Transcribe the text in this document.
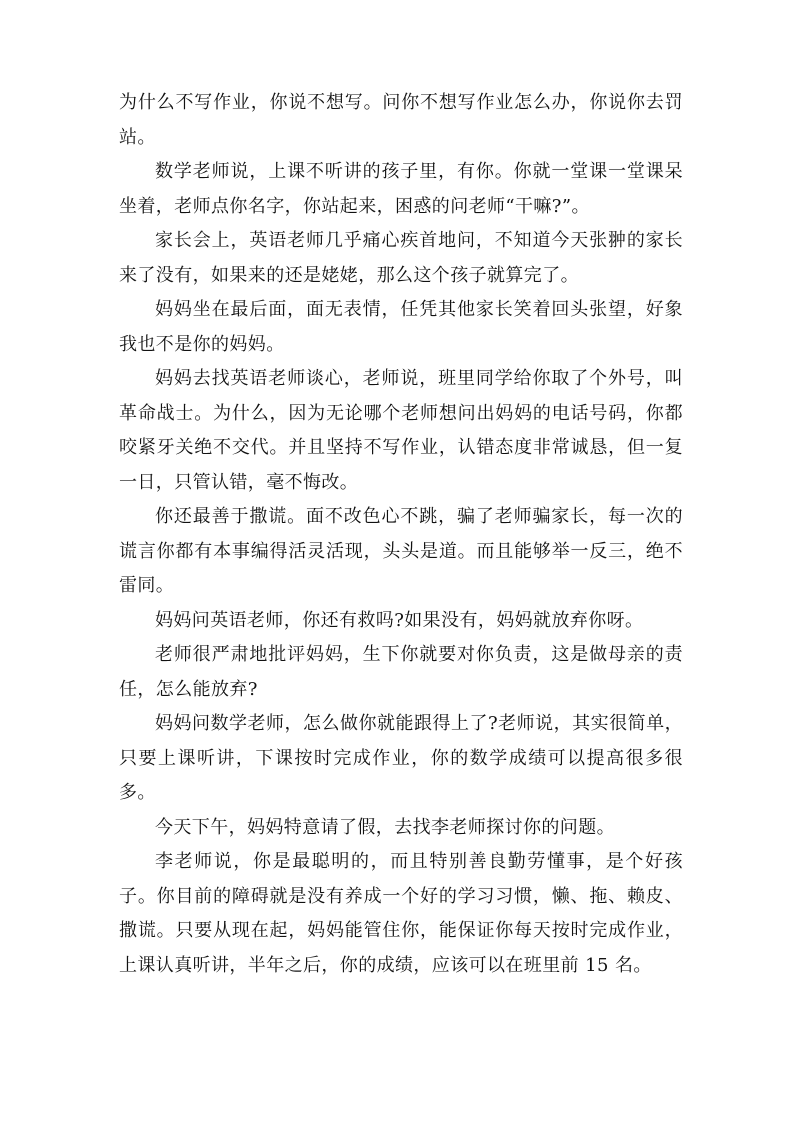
为什么不写作业，你说不想写。问你不想写作业怎么办，你说你去罚站。

数学老师说，上课不听讲的孩子里，有你。你就一堂课一堂课呆坐着，老师点你名字，你站起来，困惑的问老师“干嘛?”。

家长会上，英语老师几乎痛心疾首地问，不知道今天张翀的家长来了没有，如果来的还是姥姥，那么这个孩子就算完了。

妈妈坐在最后面，面无表情，任凭其他家长笑着回头张望，好象我也不是你的妈妈。

妈妈去找英语老师谈心，老师说，班里同学给你取了个外号，叫革命战士。为什么，因为无论哪个老师想问出妈妈的电话号码，你都咬紧牙关绝不交代。并且坚持不写作业，认错态度非常诚恳，但一复一日，只管认错，毫不悔改。

你还最善于撒谎。面不改色心不跳，骗了老师骗家长，每一次的谎言你都有本事编得活灵活现，头头是道。而且能够举一反三，绝不雷同。

妈妈问英语老师，你还有救吗?如果没有，妈妈就放弃你呀。

老师很严肃地批评妈妈，生下你就要对你负责，这是做母亲的责任，怎么能放弃?

妈妈问数学老师，怎么做你就能跟得上了?老师说，其实很简单，只要上课听讲，下课按时完成作业，你的数学成绩可以提高很多很多。

今天下午，妈妈特意请了假，去找李老师探讨你的问题。

李老师说，你是最聪明的，而且特别善良勤劳懂事，是个好孩子。你目前的障碍就是没有养成一个好的学习习惯，懒、拖、赖皮、撒谎。只要从现在起，妈妈能管住你，能保证你每天按时完成作业，上课认真听讲，半年之后，你的成绩，应该可以在班里前 15 名。
